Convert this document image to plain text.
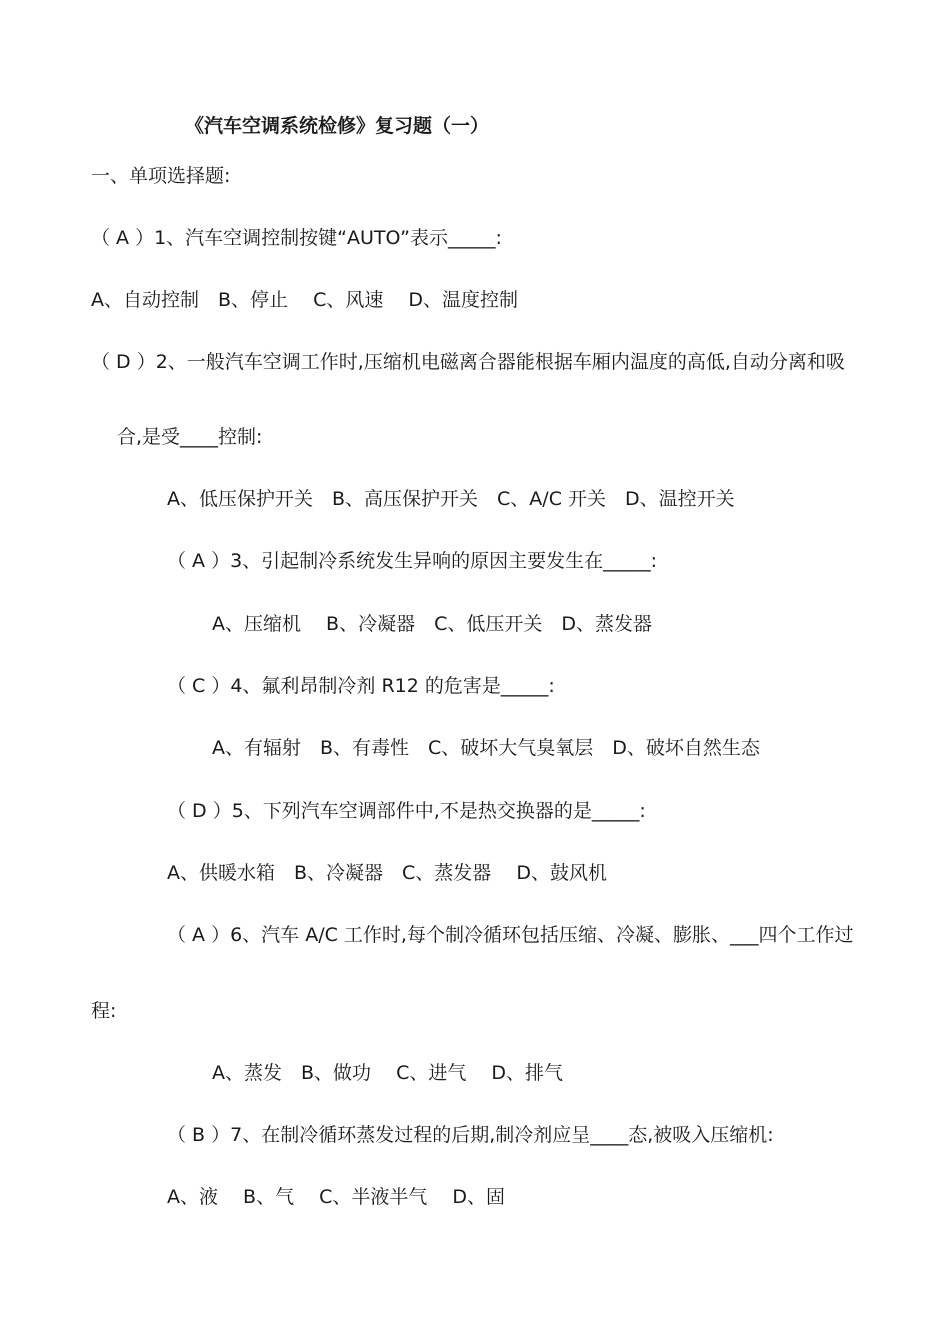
《汽车空调系统检修》复习题（一）
一、单项选择题:
（ A ）1、汽车空调控制按键“AUTO”表示_____:
A、自动控制　B、停止　 C、风速　 D、温度控制
（ D ）2、一般汽车空调工作时,压缩机电磁离合器能根据车厢内温度的高低,自动分离和吸
合,是受____控制:
A、低压保护开关　B、高压保护开关　C、A/C 开关　D、温控开关
（ A ）3、引起制冷系统发生异响的原因主要发生在_____:
A、压缩机　 B、冷凝器　C、低压开关　D、蒸发器
（ C ）4、氟利昂制冷剂 R12 的危害是_____:
A、有辐射　B、有毒性　C、破坏大气臭氧层　D、破坏自然生态
（ D ）5、下列汽车空调部件中,不是热交换器的是_____:
A、供暖水箱　B、冷凝器　C、蒸发器　 D、鼓风机
（ A ）6、汽车 A/C 工作时,每个制冷循环包括压缩、冷凝、膨胀、___四个工作过
程:
A、蒸发　B、做功　 C、进气　 D、排气
（ B ）7、在制冷循环蒸发过程的后期,制冷剂应呈____态,被吸入压缩机:
A、液　 B、气　 C、半液半气　 D、固
